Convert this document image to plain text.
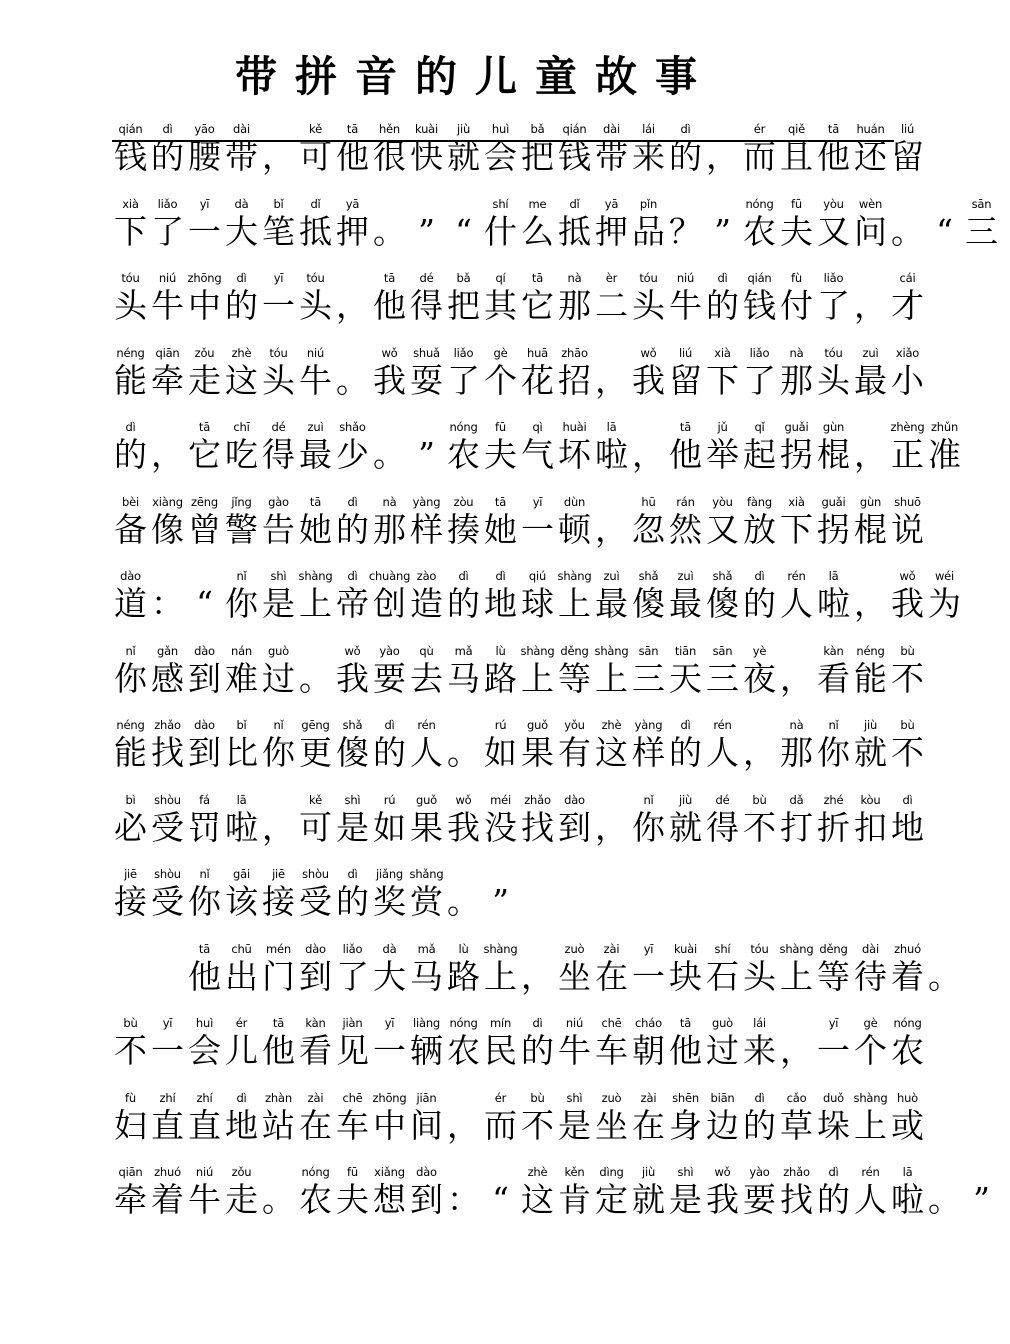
带拼音的儿童故事
qián
钱
dì
的
yāo
腰
dài
带 ，
kě
可
tā
他
hěn
很
kuài
快
jiù
就
huì
会
bǎ
把
qián
钱
dài
带
lái
来
dì
的 ，
ér
而
qiě
且
tā
他
huán
还
liú
留
xià
下
liǎo
了
yī
一
dà
大
bǐ
笔
dǐ
抵
yā
押 。 ” “
shí
什
me
么
dǐ
抵
yā
押
pǐn
品 ？ ”
nóng
农
fū
夫
yòu
又
wèn
问 。 “
sān
三
tóu
头
niú
牛
zhōng
中
dì
的
yī
一
tóu
头 ，
tā
他
dé
得
bǎ
把
qí
其
tā
它
nà
那
èr
二
tóu
头
niú
牛
dì
的
qián
钱
fù
付
liǎo
了 ，
cái
才
néng
能
qiān
牵
zǒu
走
zhè
这
tóu
头
niú
牛 。
wǒ
我
shuǎ
耍
liǎo
了
gè
个
huā
花
zhāo
招 ，
wǒ
我
liú
留
xià
下
liǎo
了
nà
那
tóu
头
zuì
最
xiǎo
小
dì
的 ，
tā
它
chī
吃
dé
得
zuì
最
shǎo
少 。 ”
nóng
农
fū
夫
qì
气
huài
坏
lā
啦 ，
tā
他
jǔ
举
qǐ
起
guǎi
拐
gùn
棍 ，
zhèng
正
zhǔn
准
bèi
备
xiàng
像
zēng
曾
jǐng
警
gào
告
tā
她
dì
的
nà
那
yàng
样
zòu
揍
tā
她
yī
一
dùn
顿 ，
hū
忽
rán
然
yòu
又
fàng
放
xià
下
guǎi
拐
gùn
棍
shuō
说
dào
道 ： “
nǐ
你
shì
是
shàng
上
dì
帝
chuàng
创
zào
造
dì
的
dì
地
qiú
球
shàng
上
zuì
最
shǎ
傻
zuì
最
shǎ
傻
dì
的
rén
人
lā
啦 ，
wǒ
我
wéi
为
nǐ
你
gǎn
感
dào
到
nán
难
guò
过 。
wǒ
我
yào
要
qù
去
mǎ
马
lù
路
shàng
上
děng
等
shàng
上
sān
三
tiān
天
sān
三
yè
夜 ，
kàn
看
néng
能
bù
不
néng
能
zhǎo
找
dào
到
bǐ
比
nǐ
你
gēng
更
shǎ
傻
dì
的
rén
人 。
rú
如
guǒ
果
yǒu
有
zhè
这
yàng
样
dì
的
rén
人 ，
nà
那
nǐ
你
jiù
就
bù
不
bì
必
shòu
受
fá
罚
lā
啦 ，
kě
可
shì
是
rú
如
guǒ
果
wǒ
我
méi
没
zhǎo
找
dào
到 ，
nǐ
你
jiù
就
dé
得
bù
不
dǎ
打
zhé
折
kòu
扣
dì
地
jiē
接
shòu
受
nǐ
你
gāi
该
jiē
接
shòu
受
dì
的
jiǎng
奖
shǎng
赏 。 ”
tā
他
chū
出
mén
门
dào
到
liǎo
了
dà
大
mǎ
马
lù
路
shàng
上 ，
zuò
坐
zài
在
yī
一
kuài
块
shí
石
tóu
头
shàng
上
děng
等
dài
待
zhuó
着 。
bù
不
yī
一
huì
会
ér
儿
tā
他
kàn
看
jiàn
见
yī
一
liàng
辆
nóng
农
mín
民
dì
的
niú
牛
chē
车
cháo
朝
tā
他
guò
过
lái
来 ，
yī
一
gè
个
nóng
农
fù
妇
zhí
直
zhí
直
dì
地
zhàn
站
zài
在
chē
车
zhōng
中
jiān
间 ，
ér
而
bù
不
shì
是
zuò
坐
zài
在
shēn
身
biān
边
dì
的
cǎo
草
duǒ
垛
shàng
上
huò
或
qiān
牵
zhuó
着
niú
牛
zǒu
走 。
nóng
农
fū
夫
xiǎng
想
dào
到 ： “
zhè
这
kěn
肯
dìng
定
jiù
就
shì
是
wǒ
我
yào
要
zhǎo
找
dì
的
rén
人
lā
啦 。 ”
